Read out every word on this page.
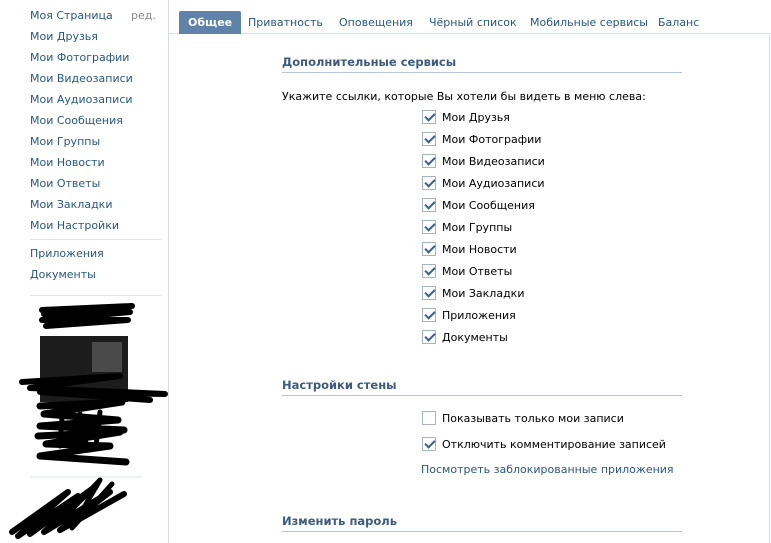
Моя Страница ред.
Мои Друзья
Мои Фотографии
Мои Видеозаписи
Мои Аудиозаписи
Мои Сообщения
Мои Группы
Мои Новости
Мои Ответы
Мои Закладки
Мои Настройки
Приложения
Документы
Общее	Приватность Оповещения Чёрный список Мобильные сервисы Баланс
Дополнительные сервисы
Укажите ссылки, которые Вы хотели бы видеть в меню слева:
Мои Друзья
Мои Фотографии
Мои Видеозаписи
Мои Аудиозаписи
Мои Сообщения
Мои Группы
Мои Новости
Мои Ответы
Мои Закладки
Приложения
Документы
Настройки стены
Показывать только мои записи
Отключить комментирование записей
Посмотреть заблокированные приложения
Изменить пароль
